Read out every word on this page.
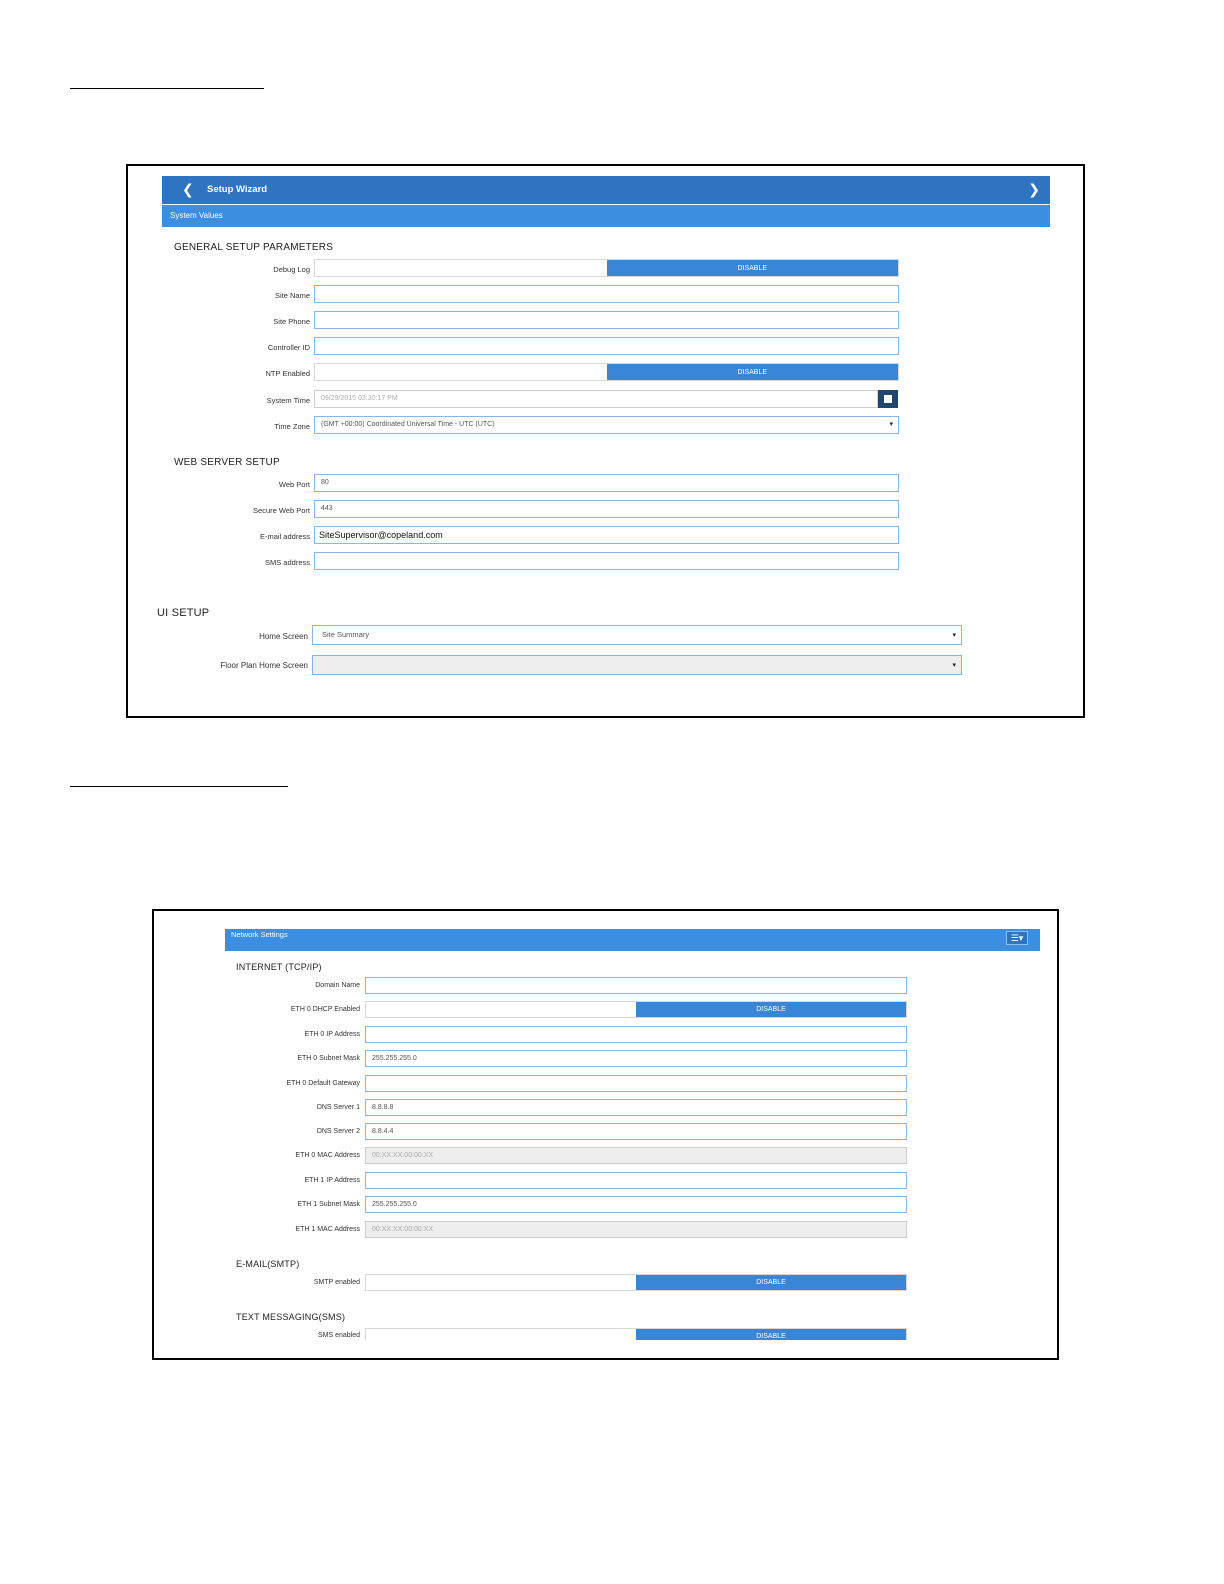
❮ Setup Wizard	❯
System Values
GENERAL SETUP PARAMETERS
Debug Log	DISABLE
Site Name
Site Phone
Controller ID
NTP Enabled	DISABLE
System Time	09/29/2015 03:30:17 PM
Time Zone	(GMT +00:00) Coordinated Universal Time - UTC (UTC)	▾
WEB SERVER SETUP
Web Port	80
Secure Web Port	443
E-mail address	SiteSupervisor@copeland.com
SMS address
UI SETUP
Home Screen	Site Summary	▾
Floor Plan Home Screen	▾
Network Settings	☰▾
INTERNET (TCP/IP)
Domain Name
ETH 0 DHCP Enabled	DISABLE
ETH 0 IP Address
ETH 0 Subnet Mask	255.255.255.0
ETH 0 Default Gateway
DNS Server 1	8.8.8.8
DNS Server 2	8.8.4.4
ETH 0 MAC Address	00:XX:XX:00:00:XX
ETH 1 IP Address
ETH 1 Subnet Mask	255.255.255.0
ETH 1 MAC Address	00:XX:XX:00:00:XX
E-MAIL(SMTP)
SMTP enabled	DISABLE
TEXT MESSAGING(SMS)
SMS enabled	DISABLE
